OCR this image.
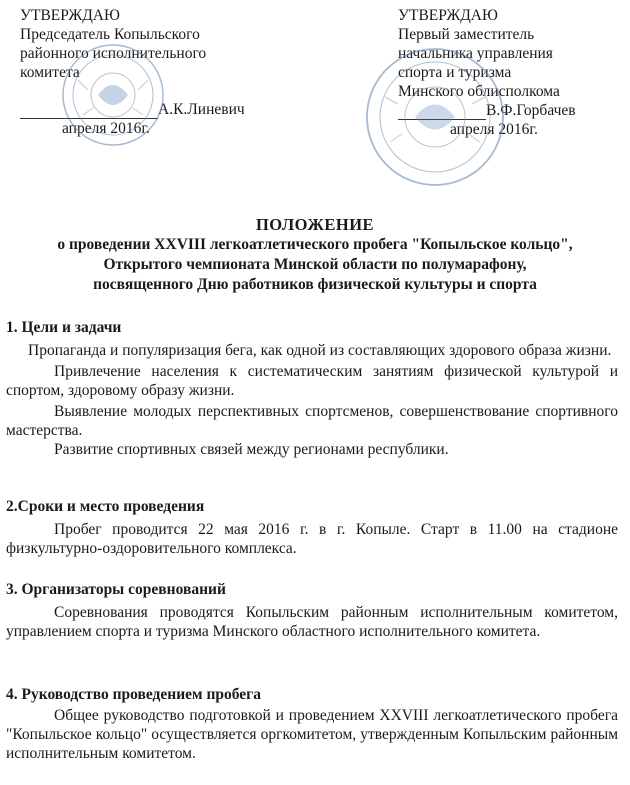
УТВЕРЖДАЮ
Председатель Копыльского
районного исполнительного
комитета
А.К.Линевич
апреля 2016г.
УТВЕРЖДАЮ
Первый заместитель
начальника управления
спорта и туризма
Минского облисполкома
В.Ф.Горбачев
апреля 2016г.
ПОЛОЖЕНИЕ
о проведении XXVIII легкоатлетического пробега "Копыльское кольцо",
Открытого чемпионата Минской области по полумарафону,
посвященного Дню работников физической культуры и спорта
1. Цели и задачи
Пропаганда и популяризация бега, как одной из составляющих здорового образа жизни.
Привлечение населения к систематическим занятиям физической культурой и спортом, здоровому образу жизни.
Выявление молодых перспективных спортсменов, совершенствование спортивного мастерства.
Развитие спортивных связей между регионами республики.
2.Сроки и место проведения
Пробег проводится 22 мая 2016 г. в г. Копыле. Старт в 11.00 на стадионе физкультурно-оздоровительного комплекса.
3. Организаторы соревнований
Соревнования проводятся Копыльским районным исполнительным комитетом, управлением спорта и туризма Минского областного исполнительного комитета.
4. Руководство проведением пробега
Общее руководство подготовкой и проведением XXVIII легкоатлетического пробега "Копыльское кольцо" осуществляется оргкомитетом, утвержденным Копыльским районным исполнительным комитетом.
